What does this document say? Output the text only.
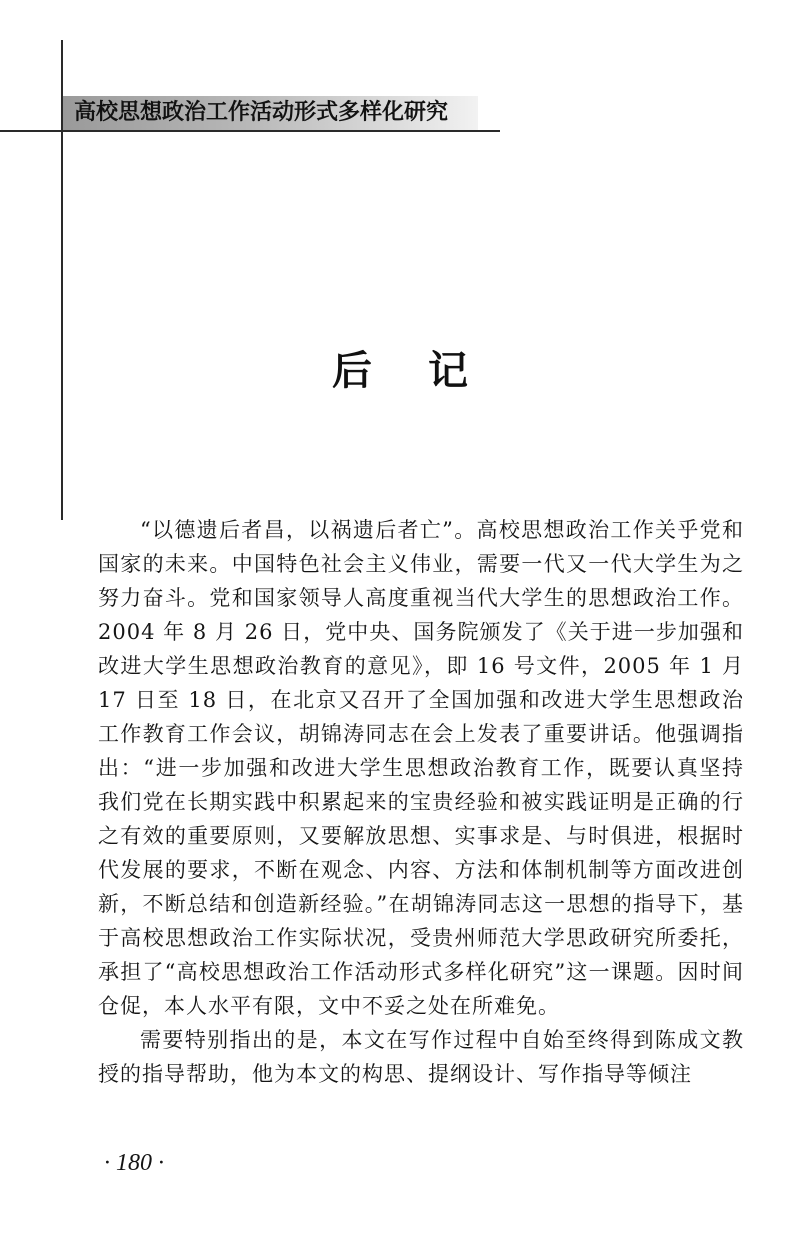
高校思想政治工作活动形式多样化研究
后记

“以德遗后者昌，以祸遗后者亡”。高校思想政治工作关乎党和国家的未来。中国特色社会主义伟业，需要一代又一代大学生为之努力奋斗。党和国家领导人高度重视当代大学生的思想政治工作。2004 年 8 月 26 日，党中央、国务院颁发了《关于进一步加强和改进大学生思想政治教育的意见》，即 16 号文件，2005 年 1 月 17 日至 18 日，在北京又召开了全国加强和改进大学生思想政治工作教育工作会议，胡锦涛同志在会上发表了重要讲话。他强调指出：“进一步加强和改进大学生思想政治教育工作，既要认真坚持我们党在长期实践中积累起来的宝贵经验和被实践证明是正确的行之有效的重要原则，又要解放思想、实事求是、与时俱进，根据时代发展的要求，不断在观念、内容、方法和体制机制等方面改进创新，不断总结和创造新经验。”在胡锦涛同志这一思想的指导下，基于高校思想政治工作实际状况，受贵州师范大学思政研究所委托，承担了“高校思想政治工作活动形式多样化研究”这一课题。因时间仓促，本人水平有限，文中不妥之处在所难免。

需要特别指出的是，本文在写作过程中自始至终得到陈成文教授的指导帮助，他为本文的构思、提纲设计、写作指导等倾注

· 180 ·
